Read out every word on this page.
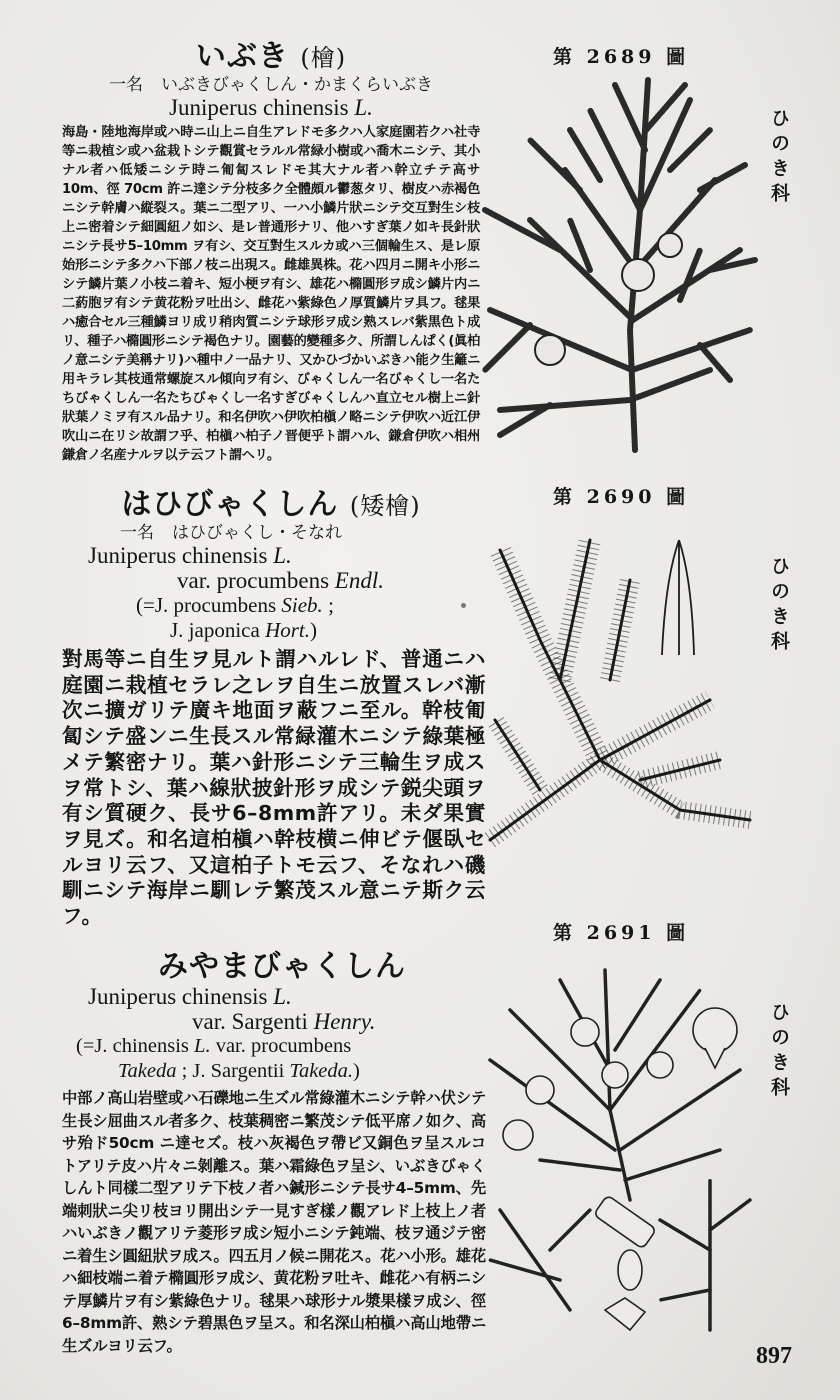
いぶき (檜)
一名 いぶきびゃくしん・かまくらいぶき
Juniperus chinensis L.
海島・陸地海岸或ハ時ニ山上ニ自生アレドモ多クハ人家庭園若クハ社寺等ニ栽植シ或ハ盆栽トシテ觀賞セラルル常緑小樹或ハ喬木ニシテ、其小ナル者ハ低矮ニシテ時ニ匍匐スレドモ其大ナル者ハ幹立チテ高サ 10m、徑 70cm 許ニ達シテ分枝多ク全體頗ル鬱葱タリ、樹皮ハ赤褐色ニシテ幹膚ハ縦裂ス。葉ニ二型アリ、一ハ小鱗片狀ニシテ交互對生シ枝上ニ密着シテ細圓紐ノ如シ、是レ普通形ナリ、他ハすぎ葉ノ如キ長針狀ニシテ長サ5–10mm ヲ有シ、交互對生スルカ或ハ三個輪生ス、是レ原始形ニシテ多クハ下部ノ枝ニ出現ス。雌雄異株。花ハ四月ニ開キ小形ニシテ鱗片葉ノ小枝ニ着キ、短小梗ヲ有シ、雄花ハ橢圓形ヲ成シ鱗片内ニ二葯胞ヲ有シテ黄花粉ヲ吐出シ、雌花ハ紫綠色ノ厚質鱗片ヲ具フ。毬果ハ癒合セル三種鱗ヨリ成リ稍肉質ニシテ球形ヲ成シ熟スレバ紫黒色ト成リ、種子ハ橢圓形ニシテ褐色ナリ。園藝的變種多ク、所謂しんぱく(眞柏ノ意ニシテ美稱ナリ)ハ種中ノ一品ナリ、又かひづかいぶきハ能ク生籬ニ用キラレ其枝通常螺旋スル傾向ヲ有シ、びゃくしん一名びゃくし一名たちびゃくしん一名たちびゃくし一名すぎびゃくしんハ直立セル樹上ニ針狀葉ノミヲ有スル品ナリ。和名伊吹ハ伊吹柏槇ノ略ニシテ伊吹ハ近江伊吹山ニ在リシ故謂フ乎、柏槇ハ柏子ノ晋便乎ト謂ハル、鎌倉伊吹ハ相州鎌倉ノ名産ナルヲ以テ云フト謂ヘリ。
はひびゃくしん (矮檜)
一名 はひびゃくし・そなれ
Juniperus chinensis L.
var. procumbens Endl.
(=J. procumbens Sieb. ;
J. japonica Hort.)
對馬等ニ自生ヲ見ルト謂ハルレド、普通ニハ庭園ニ栽植セラレ之レヲ自生ニ放置スレバ漸次ニ擴ガリテ廣キ地面ヲ蔽フニ至ル。幹枝匍匐シテ盛ンニ生長スル常緑灌木ニシテ綠葉極メテ繁密ナリ。葉ハ針形ニシテ三輪生ヲ成スヲ常トシ、葉ハ線狀披針形ヲ成シテ鋭尖頭ヲ有シ質硬ク、長サ6–8mm許アリ。未ダ果實ヲ見ズ。和名這柏槇ハ幹枝横ニ伸ビテ偃臥セルヨリ云フ、又這柏子トモ云フ、そなれハ磯馴ニシテ海岸ニ馴レテ繁茂スル意ニテ斯ク云フ。
みやまびゃくしん
Juniperus chinensis L.
var. Sargenti Henry.
(=J. chinensis L. var. procumbens
Takeda ; J. Sargentii Takeda.)
中部ノ高山岩壁或ハ石礫地ニ生ズル常綠灌木ニシテ幹ハ伏シテ生長シ屈曲スル者多ク、枝葉稠密ニ繁茂シテ低平席ノ如ク、高サ殆ド50cm ニ達セズ。枝ハ灰褐色ヲ帶ビ又銅色ヲ呈スルコトアリテ皮ハ片々ニ剝離ス。葉ハ霜綠色ヲ呈シ、いぶきびゃくしんト同樣二型アリテ下枝ノ者ハ鍼形ニシテ長サ4–5mm、先端刺狀ニ尖リ枝ヨリ開出シテ一見すぎ樣ノ觀アレド上枝上ノ者ハいぶきノ觀アリテ菱形ヲ成シ短小ニシテ鈍端、枝ヲ通ジテ密ニ着生シ圓紐狀ヲ成ス。四五月ノ候ニ開花ス。花ハ小形。雄花ハ細枝端ニ着テ橢圓形ヲ成シ、黄花粉ヲ吐キ、雌花ハ有柄ニシテ厚鱗片ヲ有シ紫綠色ナリ。毬果ハ球形ナル漿果樣ヲ成シ、徑6–8mm許、熟シテ碧黒色ヲ呈ス。和名深山柏槇ハ高山地帶ニ生ズルヨリ云フ。
第 2689 圖
ひのき科
第 2690 圖
ひのき科
第 2691 圖
ひのき科
897
